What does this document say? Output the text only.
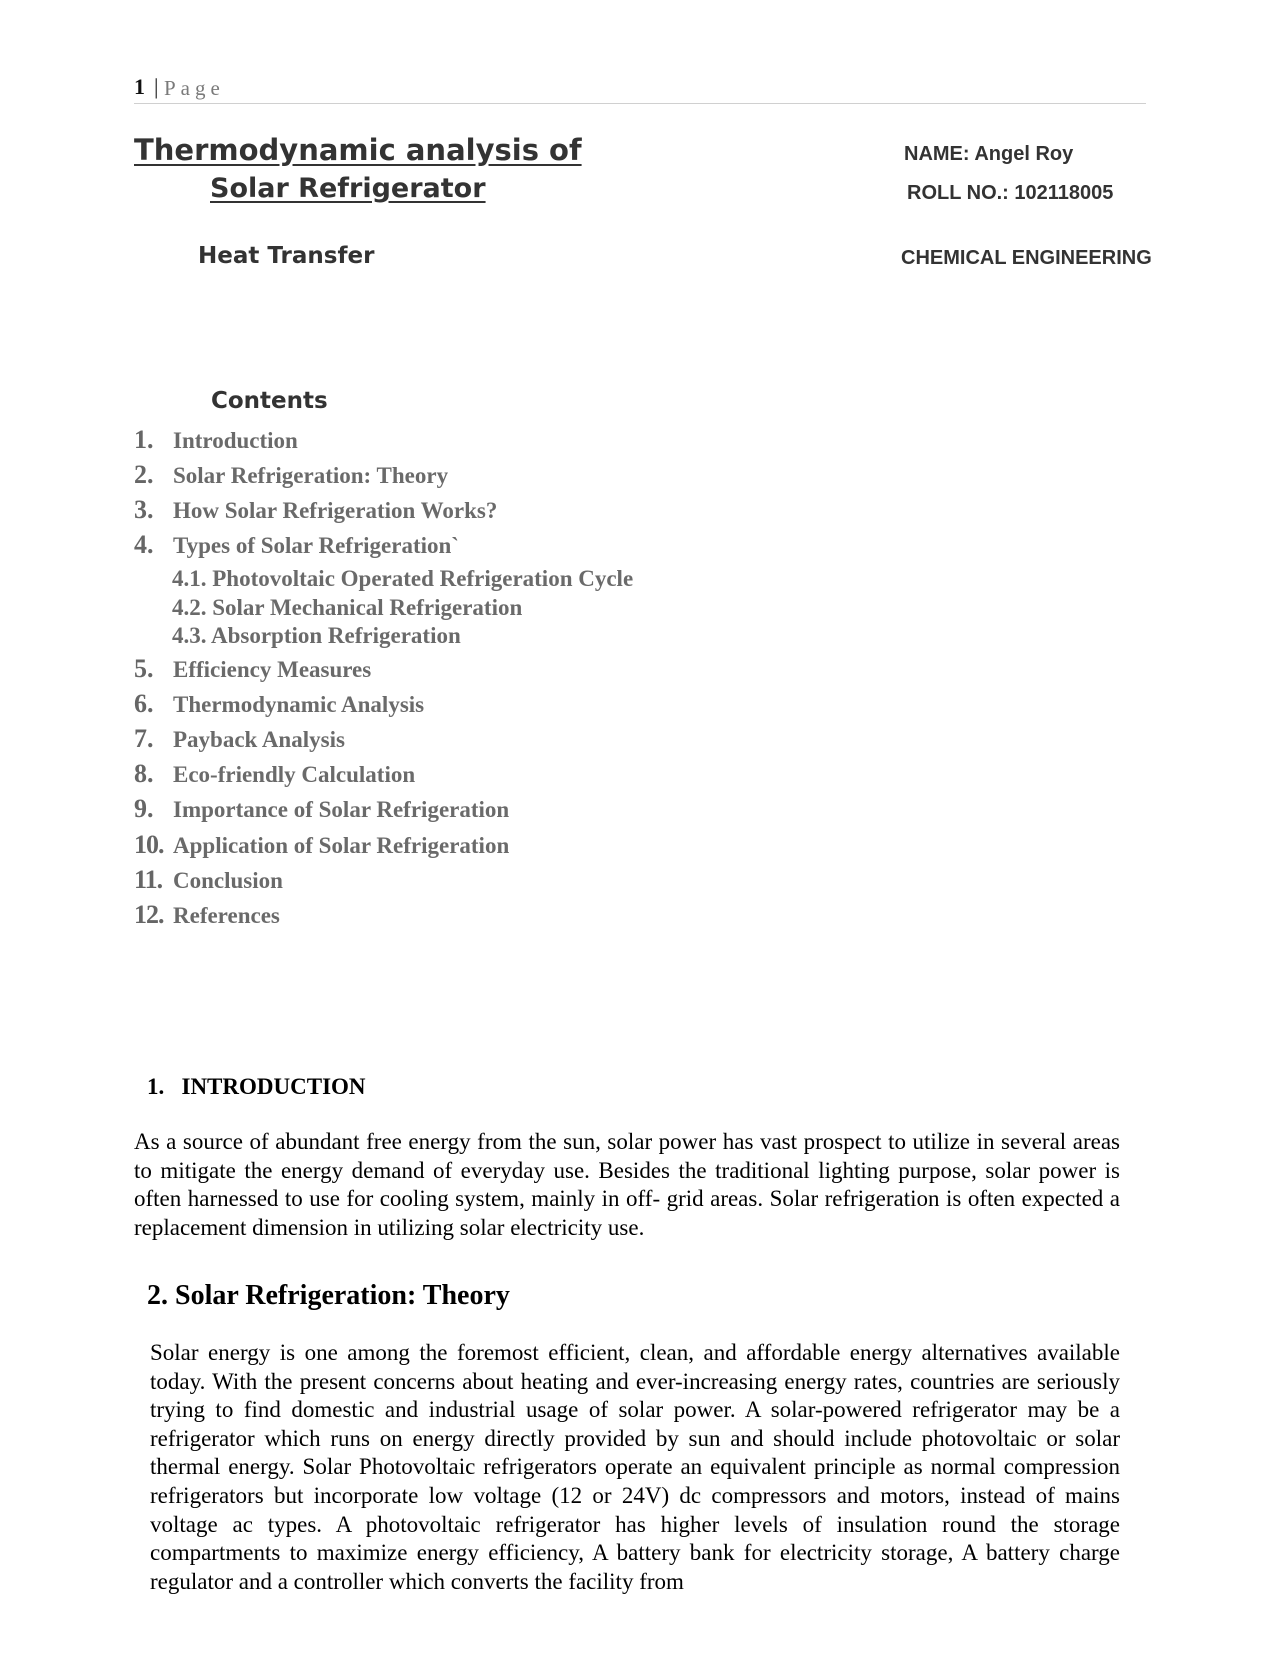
1 | Page
Thermodynamic analysis of
Solar Refrigerator
Heat Transfer
NAME: Angel Roy
ROLL NO.: 102118005
CHEMICAL ENGINEERING
Contents
1. Introduction
2. Solar Refrigeration: Theory
3. How Solar Refrigeration Works?
4. Types of Solar Refrigeration`
4.1. Photovoltaic Operated Refrigeration Cycle
4.2. Solar Mechanical Refrigeration
4.3. Absorption Refrigeration
5. Efficiency Measures
6. Thermodynamic Analysis
7. Payback Analysis
8. Eco-friendly Calculation
9. Importance of Solar Refrigeration
10. Application of Solar Refrigeration
11. Conclusion
12. References
1.   INTRODUCTION
As a source of abundant free energy from the sun, solar power has vast prospect to utilize in several areas to mitigate the energy demand of everyday use. Besides the traditional lighting purpose, solar power is often harnessed to use for cooling system, mainly in off- grid areas. Solar refrigeration is often expected a replacement dimension in utilizing solar electricity use.
2. Solar Refrigeration: Theory
Solar energy is one among the foremost efficient, clean, and affordable energy alternatives available today. With the present concerns about heating and ever-increasing energy rates, countries are seriously trying to find domestic and industrial usage of solar power. A solar-powered refrigerator may be a refrigerator which runs on energy directly provided by sun and should include photovoltaic or solar thermal energy. Solar Photovoltaic refrigerators operate an equivalent principle as normal compression refrigerators but incorporate low voltage (12 or 24V) dc compressors and motors, instead of mains voltage ac types. A photovoltaic refrigerator has higher levels of insulation round the storage compartments to maximize energy efficiency, A battery bank for electricity storage, A battery charge regulator and a controller which converts the facility from
